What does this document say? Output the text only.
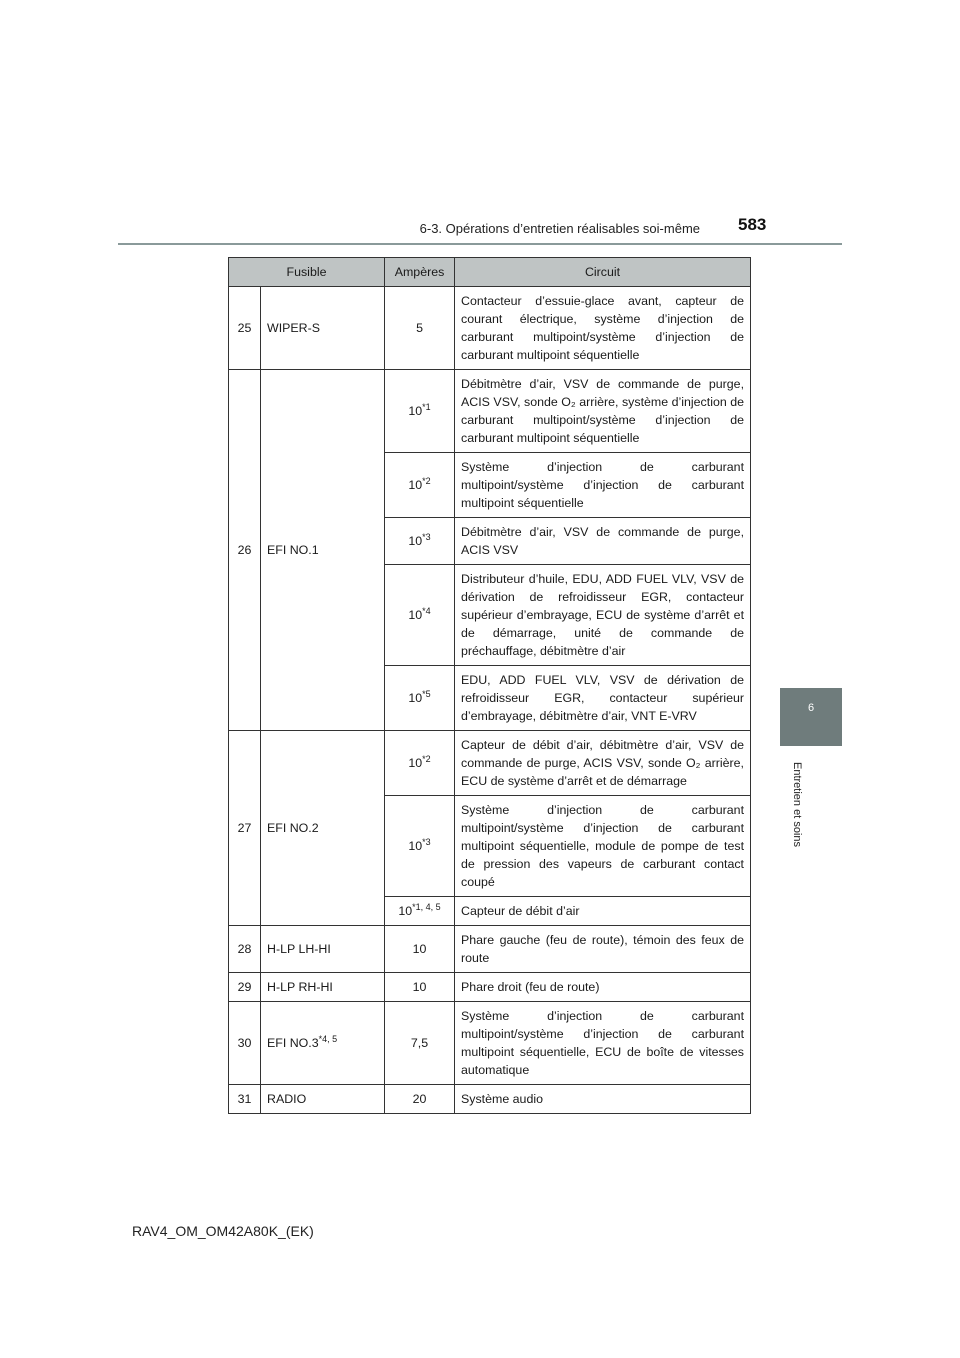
6-3. Opérations d’entretien réalisables soi-même 583
6
Entretien et soins
Fusible		Ampères	Circuit
25	WIPER-S	5	Contacteur d’essuie-glace avant, capteur de courant électrique, système d’injection de carburant multipoint/système d’injection de carburant multipoint séquentielle
26	EFI NO.1	10$^{*1}$	Débitmètre d’air, VSV de commande de purge, ACIS VSV, sonde O₂ arrière, système d’injection de carburant multipoint/système d’injection de carburant multipoint séquentielle
		10$^{*2}$	Système d’injection de carburant multipoint/système d’injection de carburant multipoint séquentielle
		10$^{*3}$	Débitmètre d’air, VSV de commande de purge, ACIS VSV
		10$^{*4}$	Distributeur d’huile, EDU, ADD FUEL VLV, VSV de dérivation de refroidisseur EGR, contacteur supérieur d’embrayage, ECU de système d’arrêt et de démarrage, unité de commande de préchauffage, débitmètre d’air
		10$^{*5}$	EDU, ADD FUEL VLV, VSV de dérivation de refroidisseur EGR, contacteur supérieur d’embrayage, débitmètre d’air, VNT E-VRV
27	EFI NO.2	10$^{*2}$	Capteur de débit d’air, débitmètre d’air, VSV de commande de purge, ACIS VSV, sonde O₂ arrière, ECU de système d’arrêt et de démarrage
		10$^{*3}$	Système d’injection de carburant multipoint/système d’injection de carburant multipoint séquentielle, module de pompe de test de pression des vapeurs de carburant contact coupé
		10$^{*1, 4, 5}$	Capteur de débit d’air
28	H-LP LH-HI	10	Phare gauche (feu de route), témoin des feux de route
29	H-LP RH-HI	10	Phare droit (feu de route)
30	EFI NO.3$^{*4, 5}$	7,5	Système d’injection de carburant multipoint/système d’injection de carburant multipoint séquentielle, ECU de boîte de vitesses automatique
31	RADIO	20	Système audio
RAV4_OM_OM42A80K_(EK)
